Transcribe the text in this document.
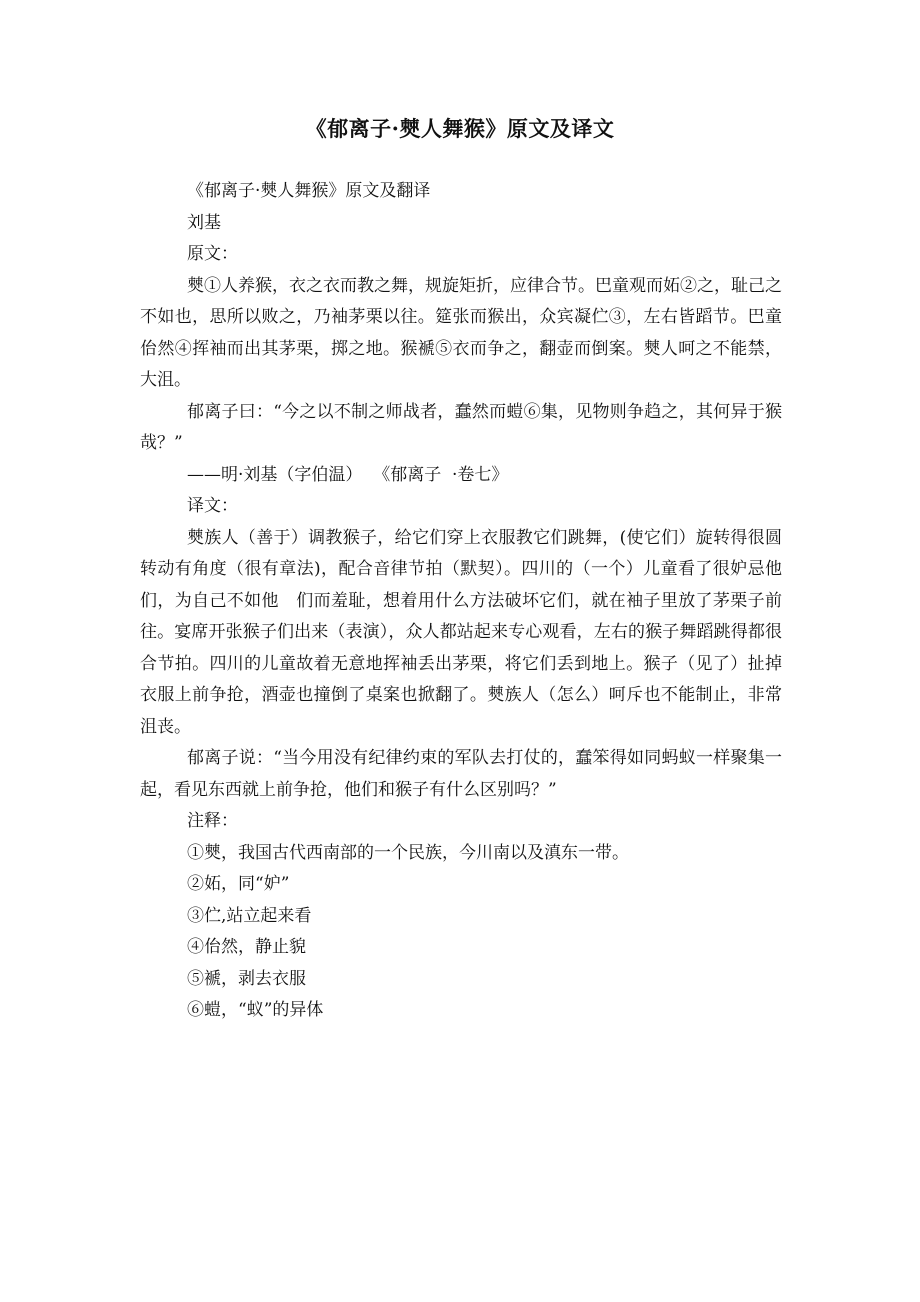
《郁离子·僰人舞猴》原文及译文

《郁离子·僰人舞猴》原文及翻译

刘基

原文：

僰①人养猴，衣之衣而教之舞，规旋矩折，应律合节。巴童观而妬②之，耻己之不如也，思所以败之，乃袖茅栗以往。筵张而猴出，众宾凝伫③，左右皆蹈节。巴童佁然④挥袖而出其茅栗，掷之地。猴褫⑤衣而争之，翻壶而倒案。僰人呵之不能禁，大沮。

郁离子曰：“今之以不制之师战者，蠢然而螘⑥集，见物则争趋之，其何异于猴哉？”

——明·刘基（字伯温）  《郁离子  ·卷七》

译文：

僰族人（善于）调教猴子，给它们穿上衣服教它们跳舞，(使它们）旋转得很圆转动有角度（很有章法)，配合音律节拍（默契）。四川的（一个）儿童看了很妒忌他们，为自己不如他　们而羞耻，想着用什么方法破坏它们，就在袖子里放了茅栗子前往。宴席开张猴子们出来（表演），众人都站起来专心观看，左右的猴子舞蹈跳得都很合节拍。四川的儿童故着无意地挥袖丢出茅栗，将它们丢到地上。猴子（见了）扯掉衣服上前争抢，酒壶也撞倒了桌案也掀翻了。僰族人（怎么）呵斥也不能制止，非常沮丧。

郁离子说：“当今用没有纪律约束的军队去打仗的，蠢笨得如同蚂蚁一样聚集一起，看见东西就上前争抢，他们和猴子有什么区别吗？”

注释：

①僰，我国古代西南部的一个民族，今川南以及滇东一带。

②妬，同“妒”

③伫,站立起来看

④佁然，静止貌

⑤褫，剥去衣服

⑥螘，“蚁”的异体
